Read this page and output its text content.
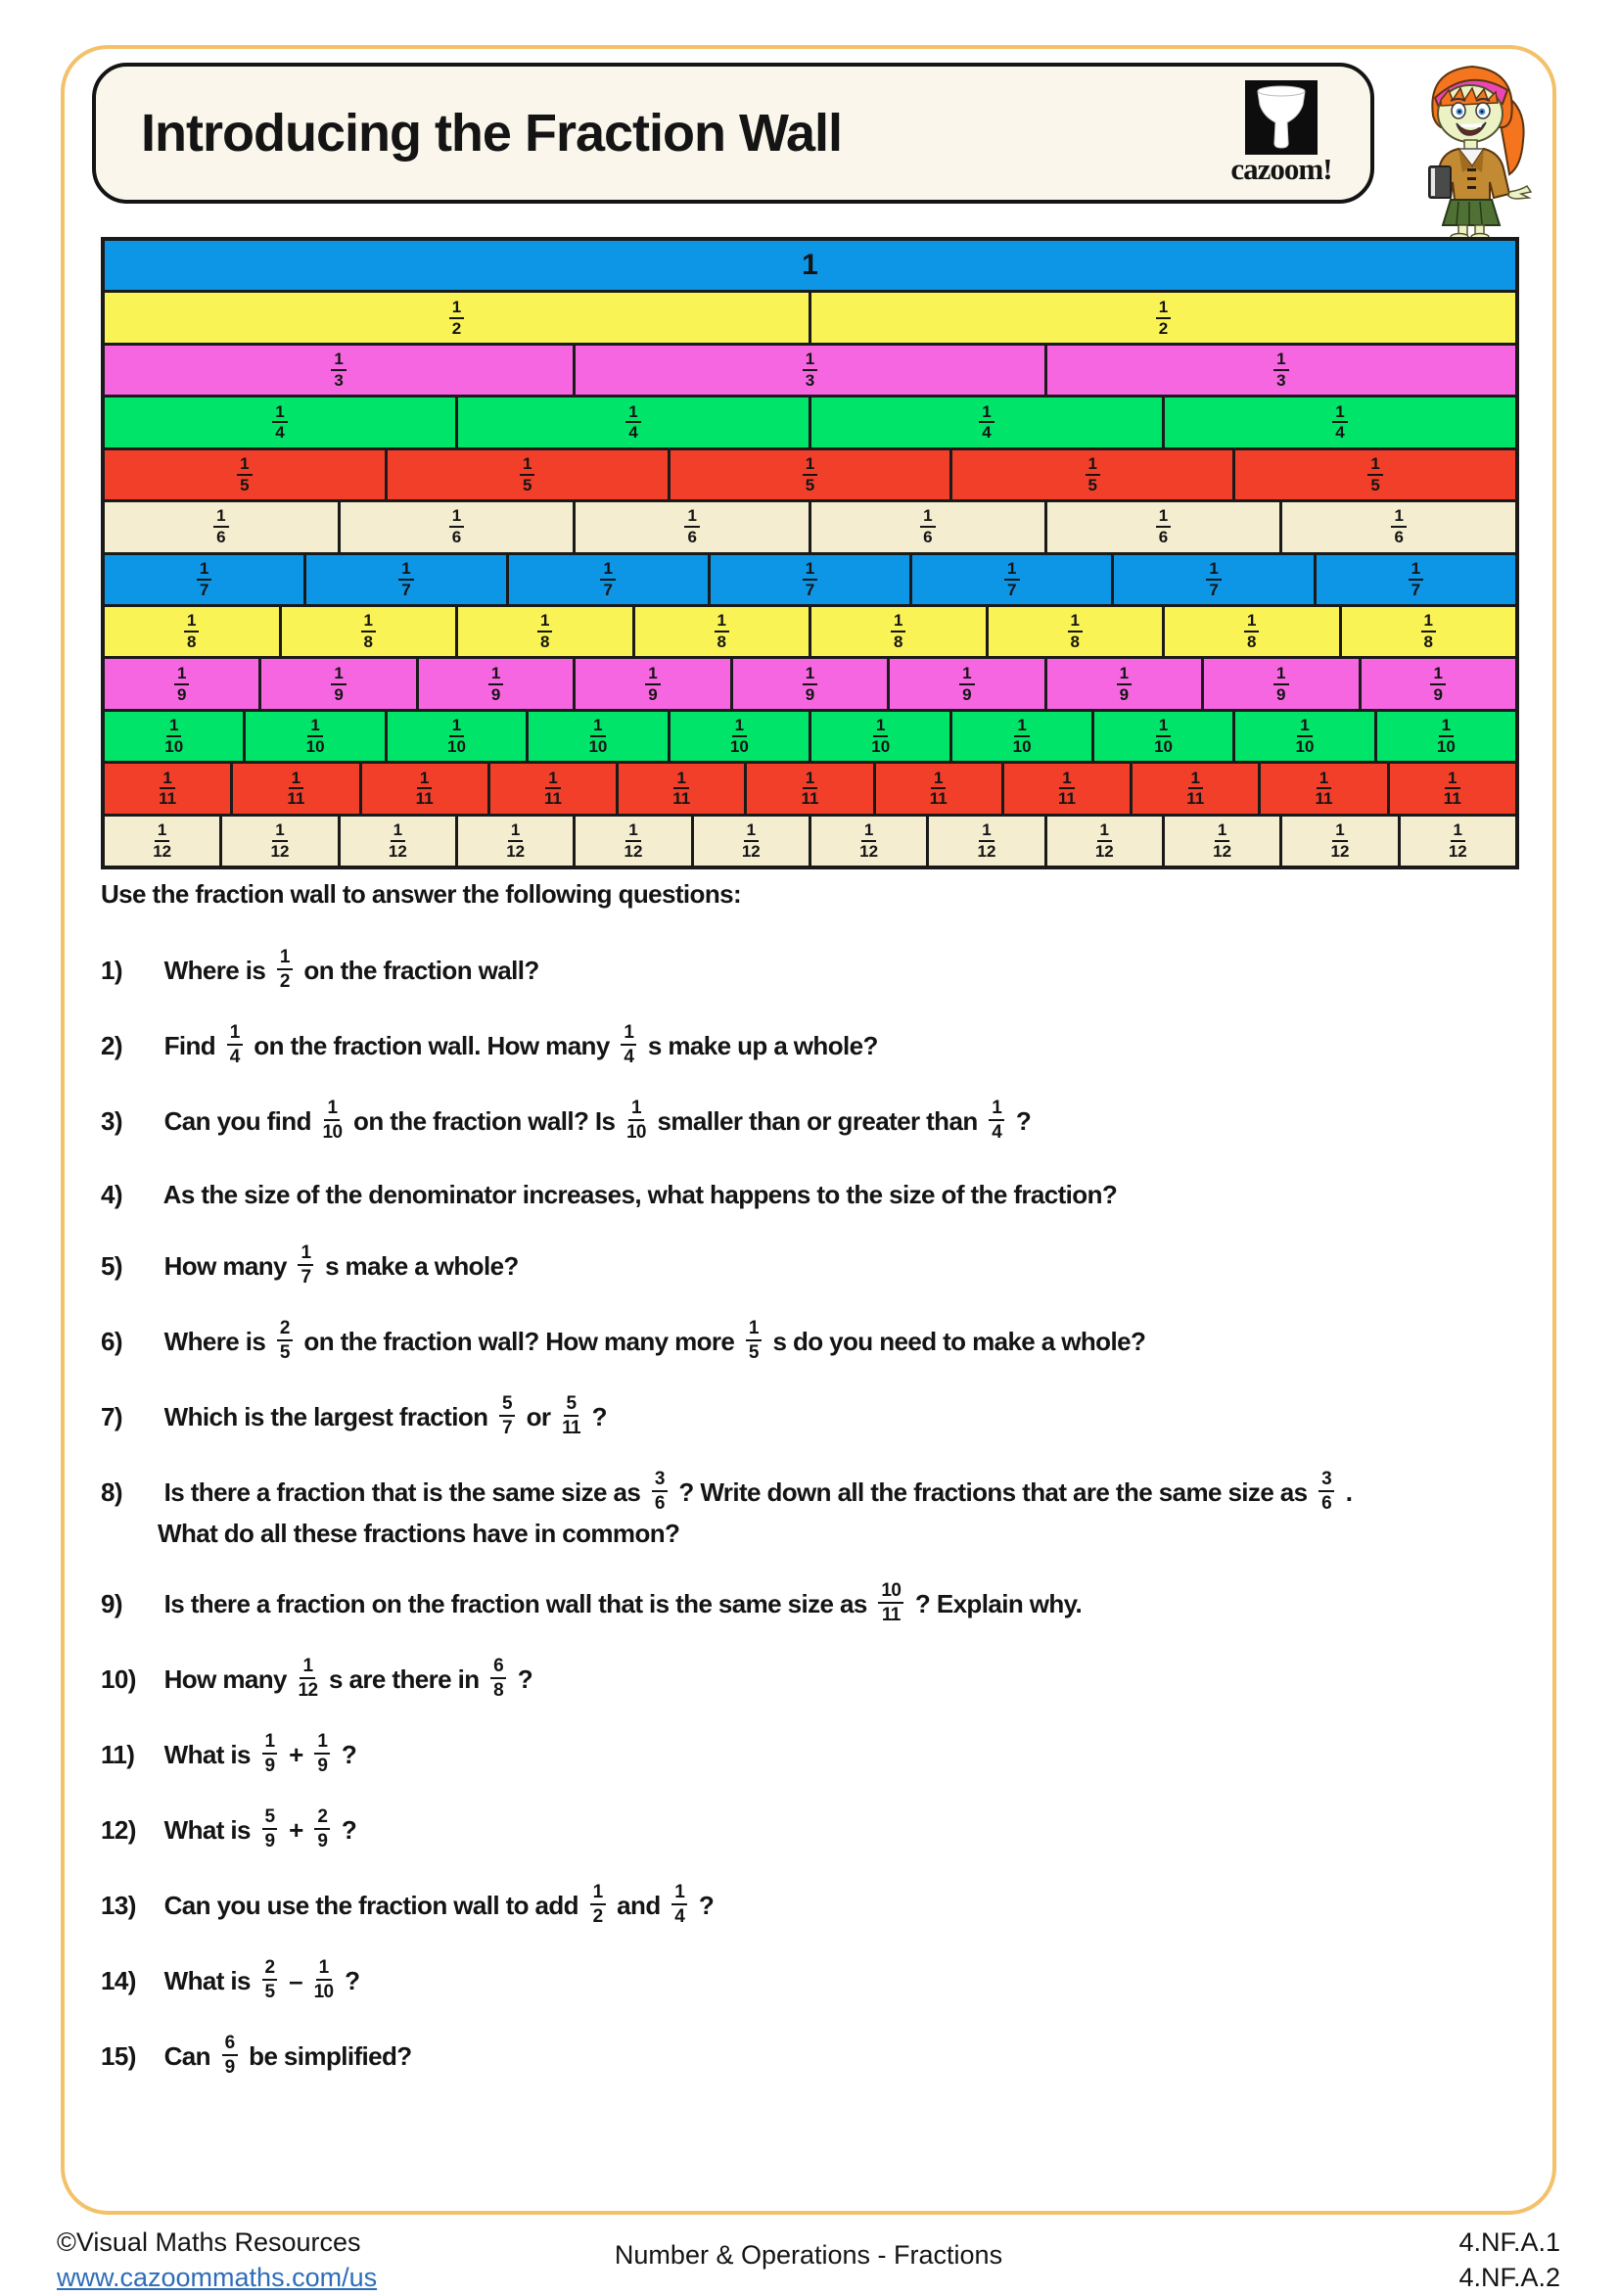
Introducing the Fraction Wall
cazoom!
1
1
2
1
2
1
3
1
3
1
3
1
4
1
4
1
4
1
4
1
5
1
5
1
5
1
5
1
5
1
6
1
6
1
6
1
6
1
6
1
6
1
7
1
7
1
7
1
7
1
7
1
7
1
7
1
8
1
8
1
8
1
8
1
8
1
8
1
8
1
8
1
9
1
9
1
9
1
9
1
9
1
9
1
9
1
9
1
9
1
10
1
10
1
10
1
10
1
10
1
10
1
10
1
10
1
10
1
10
1
11
1
11
1
11
1
11
1
11
1
11
1
11
1
11
1
11
1
11
1
11
1
12
1
12
1
12
1
12
1
12
1
12
1
12
1
12
1
12
1
12
1
12
1
12
Use the fraction wall to answer the following questions:
1) Where is $\frac{1}{2}$ on the fraction wall?
2) Find $\frac{1}{4}$ on the fraction wall. How many $\frac{1}{4}$ s make up a whole?
3) Can you find $\frac{1}{10}$ on the fraction wall? Is $\frac{1}{10}$ smaller than or greater than $\frac{1}{4}$ ?
4) As the size of the denominator increases, what happens to the size of the fraction?
5) How many $\frac{1}{7}$ s make a whole?
6) Where is $\frac{2}{5}$ on the fraction wall? How many more $\frac{1}{5}$ s do you need to make a whole?
7) Which is the largest fraction $\frac{5}{7}$ or $\frac{5}{11}$ ?
8) Is there a fraction that is the same size as $\frac{3}{6}$ ? Write down all the fractions that are the same size as $\frac{3}{6}$ .
What do all these fractions have in common?
9) Is there a fraction on the fraction wall that is the same size as $\frac{10}{11}$ ? Explain why.
10) How many $\frac{1}{12}$ s are there in $\frac{6}{8}$ ?
11) What is $\frac{1}{9} + \frac{1}{9}$ ?
12) What is $\frac{5}{9} + \frac{2}{9}$ ?
13) Can you use the fraction wall to add $\frac{1}{2}$ and $\frac{1}{4}$ ?
14) What is $\frac{2}{5} - \frac{1}{10}$ ?
15) Can $\frac{6}{9}$ be simplified?
©Visual Maths Resources
www.cazoommaths.com/us
Number & Operations - Fractions	4.NF.A.1
4.NF.A.2
